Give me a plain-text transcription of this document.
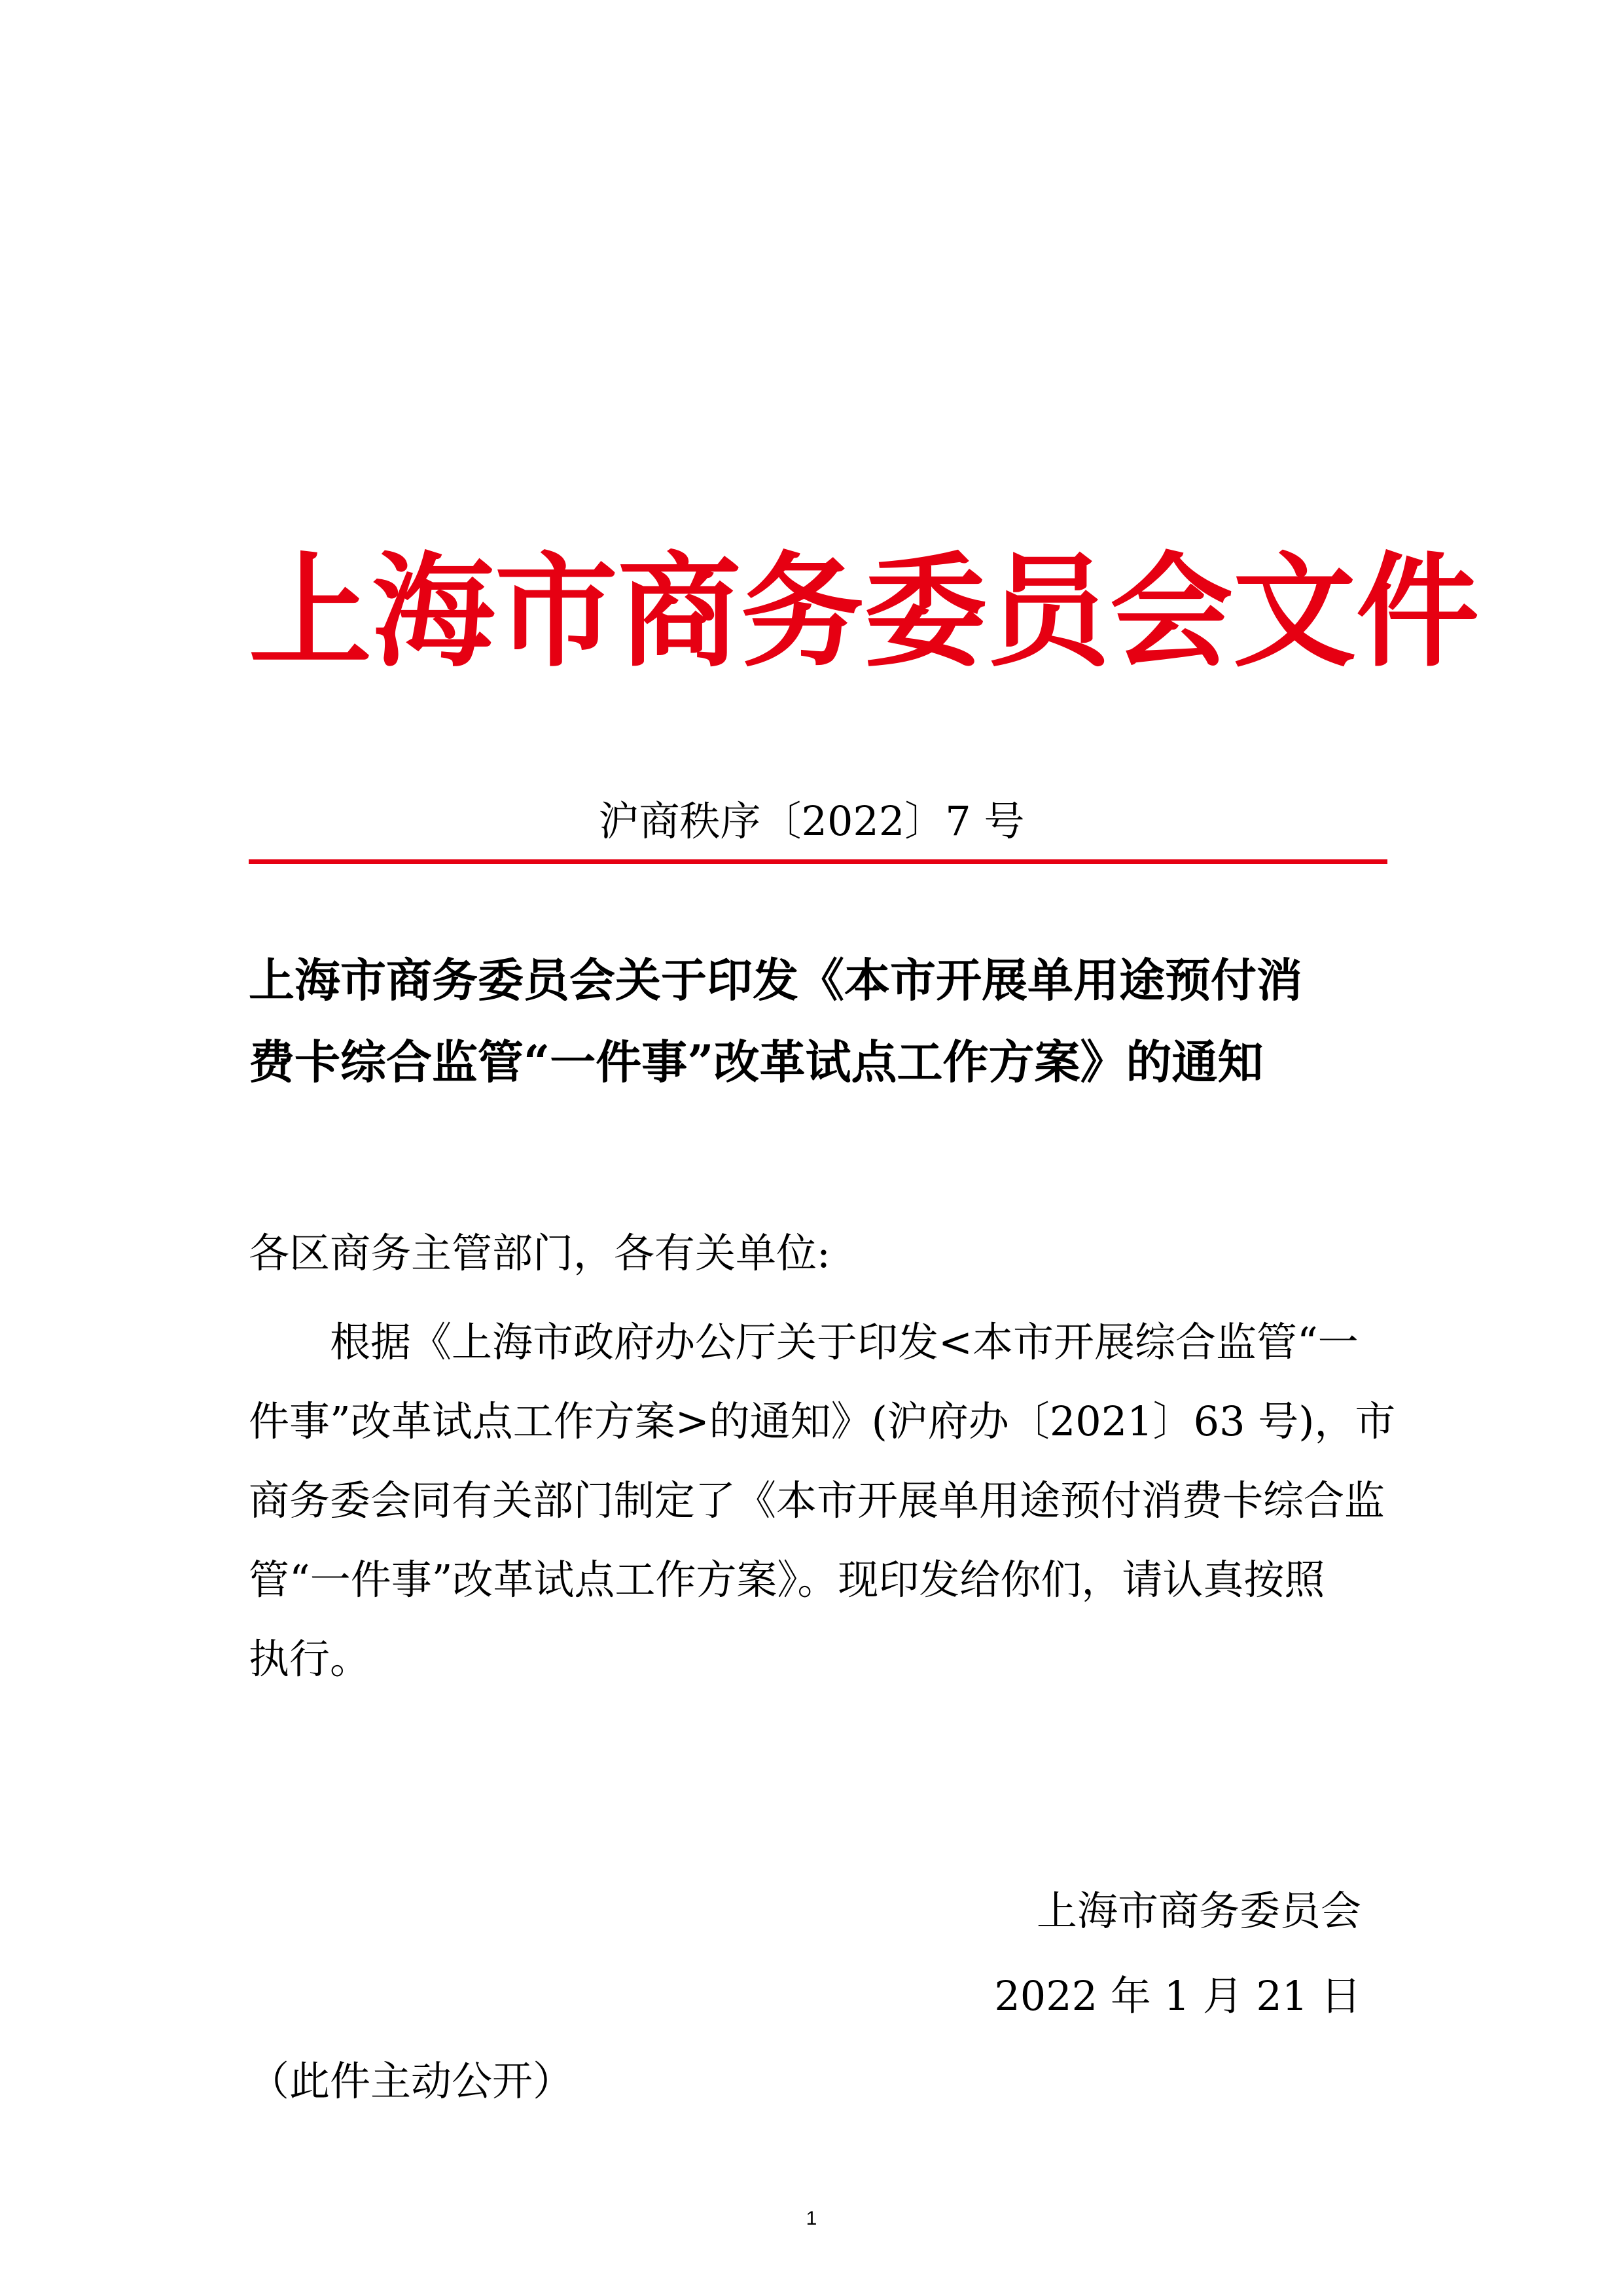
上海市商务委员会文件
沪商秩序〔2022〕7 号
上海市商务委员会关于印发《本市开展单用途预付消
费卡综合监管“一件事”改革试点工作方案》的通知
各区商务主管部门，各有关单位:
根据《上海市政府办公厅关于印发<本市开展综合监管“一
件事”改革试点工作方案>的通知》(沪府办〔2021〕63 号)，市
商务委会同有关部门制定了《本市开展单用途预付消费卡综合监
管“一件事”改革试点工作方案》。现印发给你们，请认真按照
执行。
上海市商务委员会
2022 年 1 月 21 日
（此件主动公开）
1
